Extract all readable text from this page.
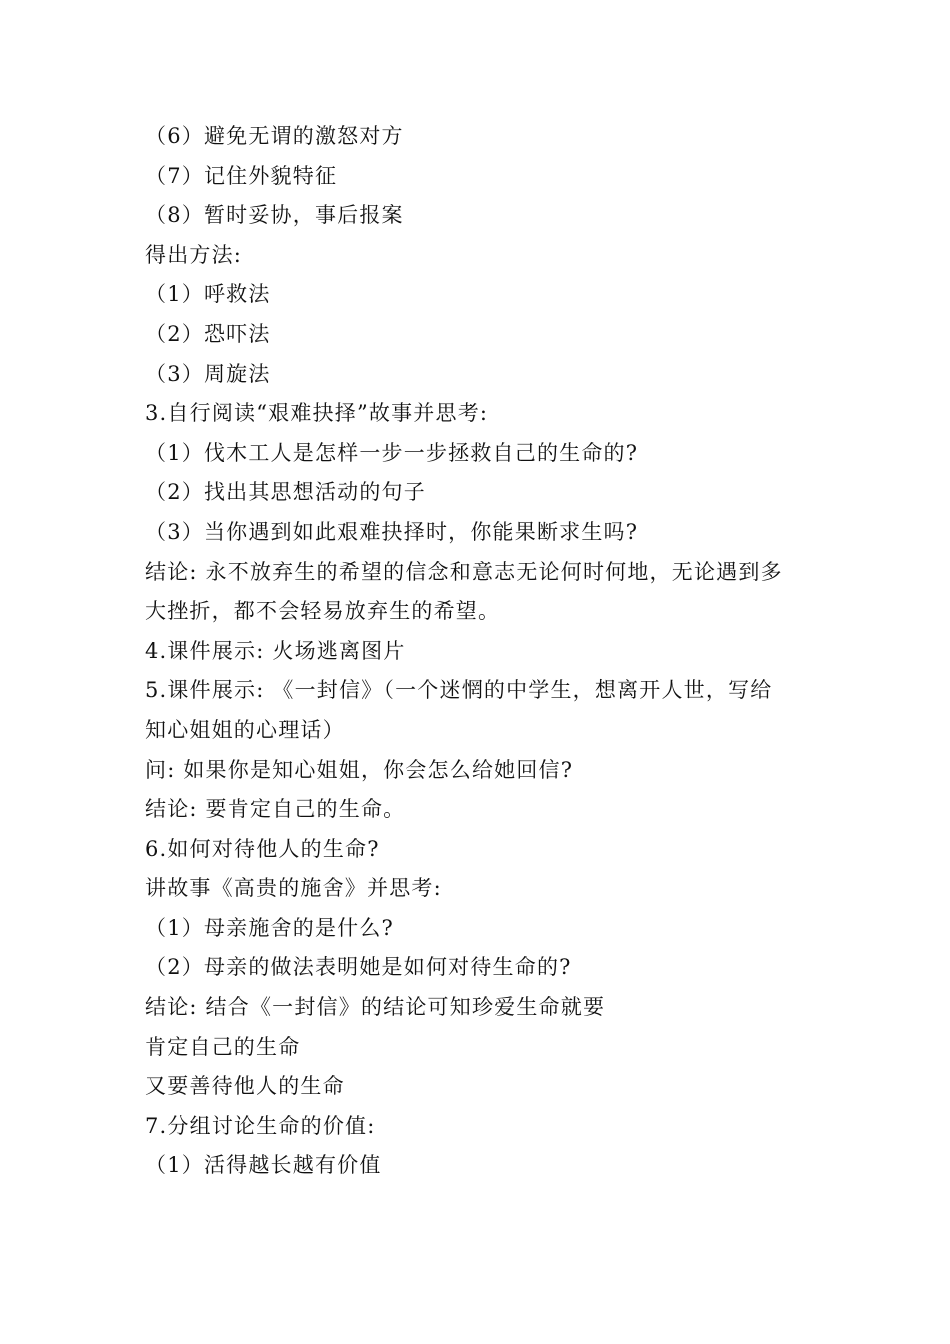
（6）避免无谓的激怒对方
（7）记住外貌特征
（8）暂时妥协，事后报案
得出方法:
（1）呼救法
（2）恐吓法
（3）周旋法
3.自行阅读“艰难抉择”故事并思考:
（1）伐木工人是怎样一步一步拯救自己的生命的?
（2）找出其思想活动的句子
（3）当你遇到如此艰难抉择时，你能果断求生吗?
结论: 永不放弃生的希望的信念和意志无论何时何地，无论遇到多
大挫折，都不会轻易放弃生的希望。
4.课件展示: 火场逃离图片
5.课件展示: 《一封信》（一个迷惘的中学生，想离开人世，写给
知心姐姐的心理话）
问: 如果你是知心姐姐，你会怎么给她回信?
结论: 要肯定自己的生命。
6.如何对待他人的生命?
讲故事《高贵的施舍》并思考:
（1）母亲施舍的是什么?
（2）母亲的做法表明她是如何对待生命的?
结论: 结合《一封信》的结论可知珍爱生命就要
肯定自己的生命
又要善待他人的生命
7.分组讨论生命的价值:
（1）活得越长越有价值
